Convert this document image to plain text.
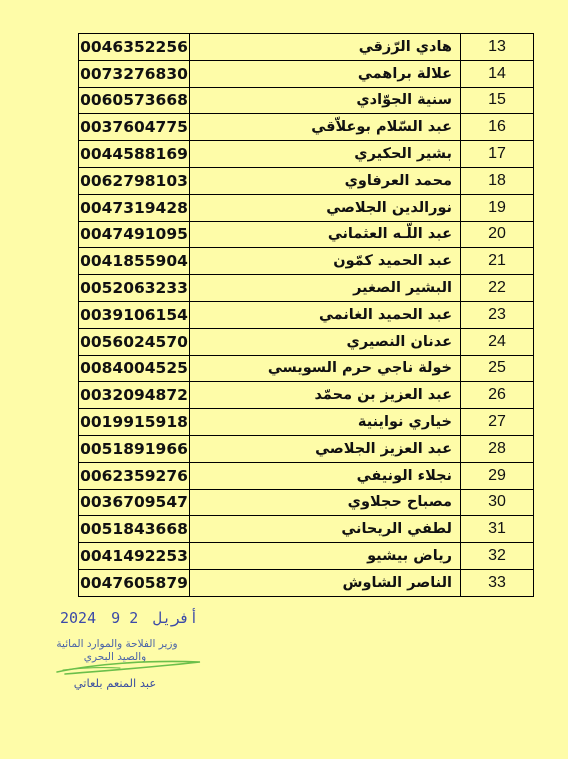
0046352256	هادي الرّزقي	13
0073276830	علالة براهمي	14
0060573668	سنية الجوّادي	15
0037604775	عبد السّلام بوعلاّقي	16
0044588169	بشير الحكيري	17
0062798103	محمد العرفاوي	18
0047319428	نورالدين الجلاصي	19
0047491095	عبد اللّـه العثماني	20
0041855904	عبد الحميد كمّون	21
0052063233	البشير الصغير	22
0039106154	عبد الحميد الغانمي	23
0056024570	عدنان النصيري	24
0084004525	خولة ناجي حرم السويسي	25
0032094872	عبد العزيز بن محمّد	26
0019915918	خياري نواينية	27
0051891966	عبد العزيز الجلاصي	28
0062359276	نجلاء الونيفي	29
0036709547	مصباح حجلاوي	30
0051843668	لطفي الريحاني	31
0041492253	رياض بيشيو	32
0047605879	الناصر الشاوش	33
2024	أفريل 2 9
وزير الفلاحة والموارد المائية
والصيد البحري
عبد المنعم بلعاتي
